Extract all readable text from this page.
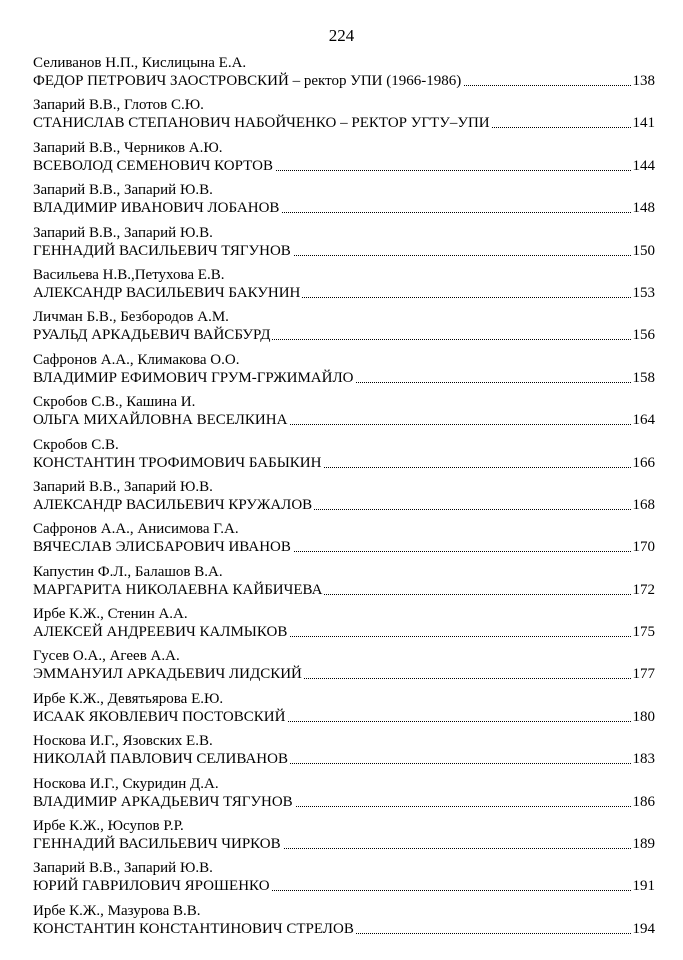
224
Селиванов Н.П., Кислицына Е.А.
ФЕДОР ПЕТРОВИЧ ЗАОСТРОВСКИЙ – ректор УПИ (1966-1986)	138
Запарий В.В., Глотов С.Ю.
СТАНИСЛАВ СТЕПАНОВИЧ НАБОЙЧЕНКО – РЕКТОР УГТУ–УПИ	141
Запарий В.В., Черников А.Ю.
ВСЕВОЛОД СЕМЕНОВИЧ КОРТОВ	144
Запарий В.В., Запарий Ю.В.
ВЛАДИМИР ИВАНОВИЧ ЛОБАНОВ	148
Запарий В.В., Запарий Ю.В.
ГЕННАДИЙ ВАСИЛЬЕВИЧ ТЯГУНОВ	150
Васильева Н.В.,Петухова Е.В.
АЛЕКСАНДР ВАСИЛЬЕВИЧ БАКУНИН	153
Личман Б.В., Безбородов А.М.
РУАЛЬД АРКАДЬЕВИЧ ВАЙСБУРД	156
Сафронов А.А., Климакова О.О.
ВЛАДИМИР ЕФИМОВИЧ ГРУМ-ГРЖИМАЙЛО	158
Скробов С.В., Кашина И.
ОЛЬГА МИХАЙЛОВНА ВЕСЕЛКИНА	164
Скробов С.В.
КОНСТАНТИН ТРОФИМОВИЧ БАБЫКИН	166
Запарий В.В., Запарий Ю.В.
АЛЕКСАНДР ВАСИЛЬЕВИЧ КРУЖАЛОВ	168
Сафронов А.А., Анисимова Г.А.
ВЯЧЕСЛАВ ЭЛИСБАРОВИЧ ИВАНОВ	170
Капустин Ф.Л., Балашов В.А.
МАРГАРИТА НИКОЛАЕВНА КАЙБИЧЕВА	172
Ирбе К.Ж., Стенин А.А.
АЛЕКСЕЙ АНДРЕЕВИЧ КАЛМЫКОВ	175
Гусев О.А., Агеев А.А.
ЭММАНУИЛ АРКАДЬЕВИЧ ЛИДСКИЙ	177
Ирбе К.Ж., Девятьярова Е.Ю.
ИСААК ЯКОВЛЕВИЧ ПОСТОВСКИЙ	180
Носкова И.Г., Язовских Е.В.
НИКОЛАЙ ПАВЛОВИЧ СЕЛИВАНОВ	183
Носкова И.Г., Скуридин Д.А.
ВЛАДИМИР АРКАДЬЕВИЧ ТЯГУНОВ	186
Ирбе К.Ж., Юсупов Р.Р.
ГЕННАДИЙ ВАСИЛЬЕВИЧ ЧИРКОВ	189
Запарий В.В., Запарий Ю.В.
ЮРИЙ ГАВРИЛОВИЧ ЯРОШЕНКО	191
Ирбе К.Ж., Мазурова В.В.
КОНСТАНТИН КОНСТАНТИНОВИЧ СТРЕЛОВ	194
